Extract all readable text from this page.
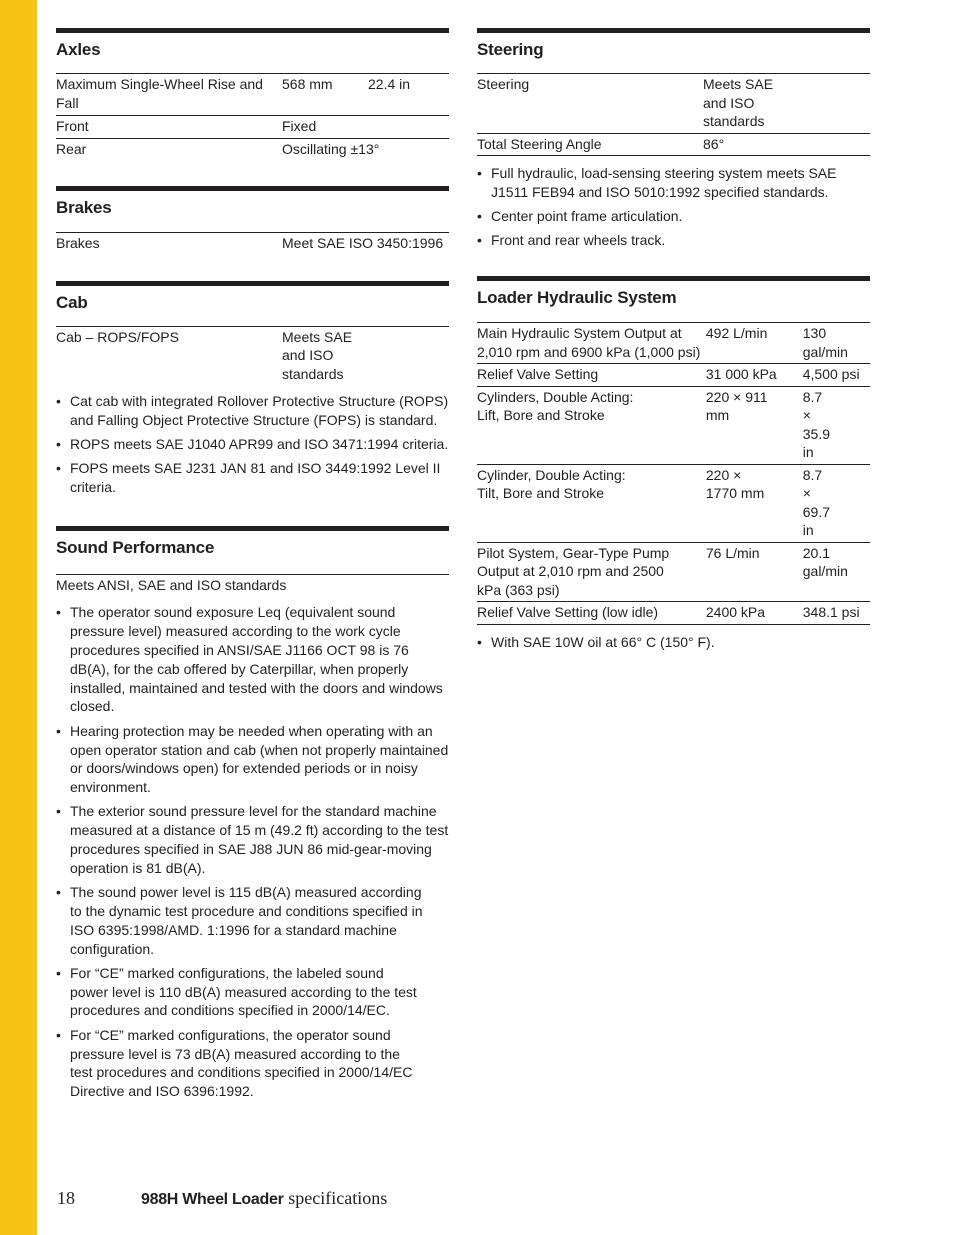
Axles
Maximum Single-Wheel Rise and Fall	568 mm	22.4 in
Front	Fixed	
Rear	Oscillating ±13°	
Brakes
Brakes	Meet SAE ISO 3450:1996
Cab
Cab – ROPS/FOPS	Meets SAE and ISO standards
• Cat cab with integrated Rollover Protective Structure (ROPS) and Falling Object Protective Structure (FOPS) is standard.
• ROPS meets SAE J1040 APR99 and ISO 3471:1994 criteria.
• FOPS meets SAE J231 JAN 81 and ISO 3449:1992 Level II criteria.
Sound Performance
Meets ANSI, SAE and ISO standards
• The operator sound exposure Leq (equivalent sound pressure level) measured according to the work cycle procedures specified in ANSI/SAE J1166 OCT 98 is 76 dB(A), for the cab offered by Caterpillar, when properly installed, maintained and tested with the doors and windows closed.
• Hearing protection may be needed when operating with an open operator station and cab (when not properly maintained or doors/windows open) for extended periods or in noisy environment.
• The exterior sound pressure level for the standard machine measured at a distance of 15 m (49.2 ft) according to the test procedures specified in SAE J88 JUN 86 mid-gear-moving operation is 81 dB(A).
• The sound power level is 115 dB(A) measured according to the dynamic test procedure and conditions specified in ISO 6395:1998/AMD. 1:1996 for a standard machine configuration.
• For “CE” marked configurations, the labeled sound power level is 110 dB(A) measured according to the test procedures and conditions specified in 2000/14/EC.
• For “CE” marked configurations, the operator sound pressure level is 73 dB(A) measured according to the test procedures and conditions specified in 2000/14/EC Directive and ISO 6396:1992.
Steering
Steering	Meets SAE and ISO standards
Total Steering Angle	86°
• Full hydraulic, load-sensing steering system meets SAE J1511 FEB94 and ISO 5010:1992 specified standards.
• Center point frame articulation.
• Front and rear wheels track.
Loader Hydraulic System
Main Hydraulic System Output at 2,010 rpm and 6900 kPa (1,000 psi)	492 L/min	130 gal/min
Relief Valve Setting	31 000 kPa	4,500 psi
Cylinders, Double Acting: Lift, Bore and Stroke	220 × 911 mm	8.7 × 35.9 in
Cylinder, Double Acting: Tilt, Bore and Stroke	220 × 1770 mm	8.7 × 69.7 in
Pilot System, Gear-Type Pump Output at 2,010 rpm and 2500 kPa (363 psi)	76 L/min	20.1 gal/min
Relief Valve Setting (low idle)	2400 kPa	348.1 psi
• With SAE 10W oil at 66° C (150° F).
18	988H Wheel Loader specifications
